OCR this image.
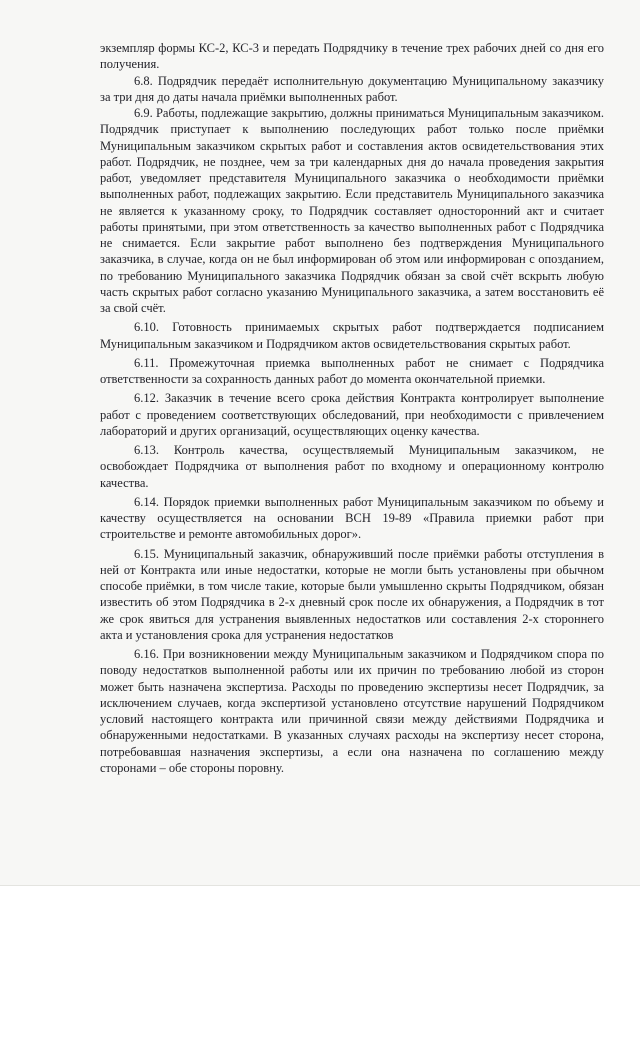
экземпляр формы КС-2, КС-3 и передать Подрядчику в течение трех рабочих дней со дня его получения.

6.8. Подрядчик передаёт исполнительную документацию Муниципальному заказчику за три дня до даты начала приёмки выполненных работ.

6.9. Работы, подлежащие закрытию, должны приниматься Муниципальным заказчиком. Подрядчик приступает к выполнению последующих работ только после приёмки Муниципальным заказчиком скрытых работ и составления актов освидетельствования этих работ. Подрядчик, не позднее, чем за три календарных дня до начала проведения закрытия работ, уведомляет представителя Муниципального заказчика о необходимости приёмки выполненных работ, подлежащих закрытию. Если представитель Муниципального заказчика не является к указанному сроку, то Подрядчик составляет односторонний акт и считает работы принятыми, при этом ответственность за качество выполненных работ с Подрядчика не снимается. Если закрытие работ выполнено без подтверждения Муниципального заказчика, в случае, когда он не был информирован об этом или информирован с опозданием, по требованию Муниципального заказчика Подрядчик обязан за свой счёт вскрыть любую часть скрытых работ согласно указанию Муниципального заказчика, а затем восстановить её за свой счёт.

6.10. Готовность принимаемых скрытых работ подтверждается подписанием Муниципальным заказчиком и Подрядчиком актов освидетельствования скрытых работ.

6.11. Промежуточная приемка выполненных работ не снимает с Подрядчика ответственности за сохранность данных работ до момента окончательной приемки.

6.12. Заказчик в течение всего срока действия Контракта контролирует выполнение работ с проведением соответствующих обследований, при необходимости с привлечением лабораторий и других организаций, осуществляющих оценку качества.

6.13. Контроль качества, осуществляемый Муниципальным заказчиком, не освобождает Подрядчика от выполнения работ по входному и операционному контролю качества.

6.14. Порядок приемки выполненных работ Муниципальным заказчиком по объему и качеству осуществляется на основании ВСН 19-89 «Правила приемки работ при строительстве и ремонте автомобильных дорог».

6.15. Муниципальный заказчик, обнаруживший после приёмки работы отступления в ней от Контракта или иные недостатки, которые не могли быть установлены при обычном способе приёмки, в том числе такие, которые были умышленно скрыты Подрядчиком, обязан известить об этом Подрядчика в 2-х дневный срок после их обнаружения, а Подрядчик в тот же срок явиться для устранения выявленных недостатков или составления 2-х стороннего акта и установления срока для устранения недостатков

6.16. При возникновении между Муниципальным заказчиком и Подрядчиком спора по поводу недостатков выполненной работы или их причин по требованию любой из сторон может быть назначена экспертиза. Расходы по проведению экспертизы несет Подрядчик, за исключением случаев, когда экспертизой установлено отсутствие нарушений Подрядчиком условий настоящего контракта или причинной связи между действиями Подрядчика и обнаруженными недостатками. В указанных случаях расходы на экспертизу несет сторона, потребовавшая назначения экспертизы, а если она назначена по соглашению между сторонами – обе стороны поровну.
